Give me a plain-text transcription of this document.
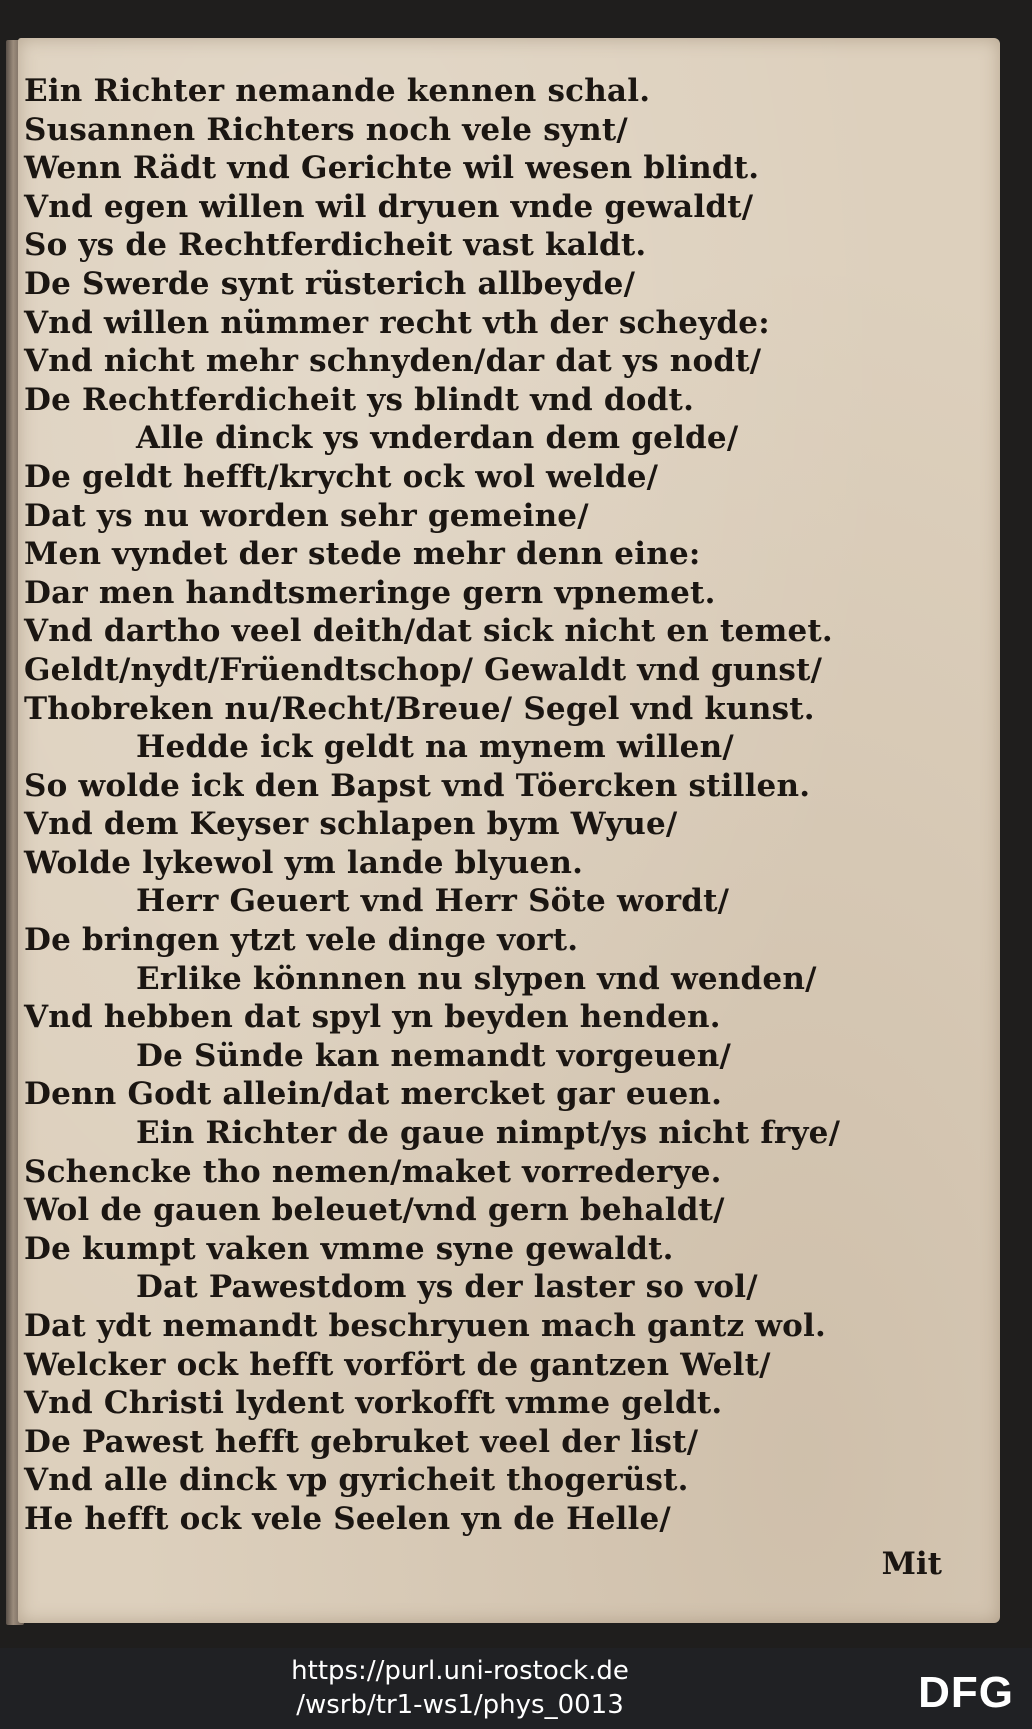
Ein Richter nemande kennen schal.
Susannen Richters noch vele synt/
Wenn Rädt vnd Gerichte wil wesen blindt.
Vnd egen willen wil dryuen vnde gewaldt/
So ys de Rechtferdicheit vast kaldt.
De Swerde synt rüsterich allbeyde/
Vnd willen nümmer recht vth der scheyde:
Vnd nicht mehr schnyden/dar dat ys nodt/
De Rechtferdicheit ys blindt vnd dodt.
Alle dinck ys vnderdan dem gelde/
De geldt hefft/krycht ock wol welde/
Dat ys nu worden sehr gemeine/
Men vyndet der stede mehr denn eine:
Dar men handtsmeringe gern vpnemet.
Vnd dartho veel deith/dat sick nicht en temet.
Geldt/nydt/Früendtschop/ Gewaldt vnd gunst/
Thobreken nu/Recht/Breue/ Segel vnd kunst.
Hedde ick geldt na mynem willen/
So wolde ick den Bapst vnd Töercken stillen.
Vnd dem Keyser schlapen bym Wyue/
Wolde lykewol ym lande blyuen.
Herr Geuert vnd Herr Söte wordt/
De bringen ytzt vele dinge vort.
Erlike könnnen nu slypen vnd wenden/
Vnd hebben dat spyl yn beyden henden.
De Sünde kan nemandt vorgeuen/
Denn Godt allein/dat mercket gar euen.
Ein Richter de gaue nimpt/ys nicht frye/
Schencke tho nemen/maket vorrederye.
Wol de gauen beleuet/vnd gern behaldt/
De kumpt vaken vmme syne gewaldt.
Dat Pawestdom ys der laster so vol/
Dat ydt nemandt beschryuen mach gantz wol.
Welcker ock hefft vorfört de gantzen Welt/
Vnd Christi lydent vorkofft vmme geldt.
De Pawest hefft gebruket veel der list/
Vnd alle dinck vp gyricheit thogerüst.
He hefft ock vele Seelen yn de Helle/
Mit
https://purl.uni-rostock.de
/wsrb/tr1-ws1/phys_0013	DFG
